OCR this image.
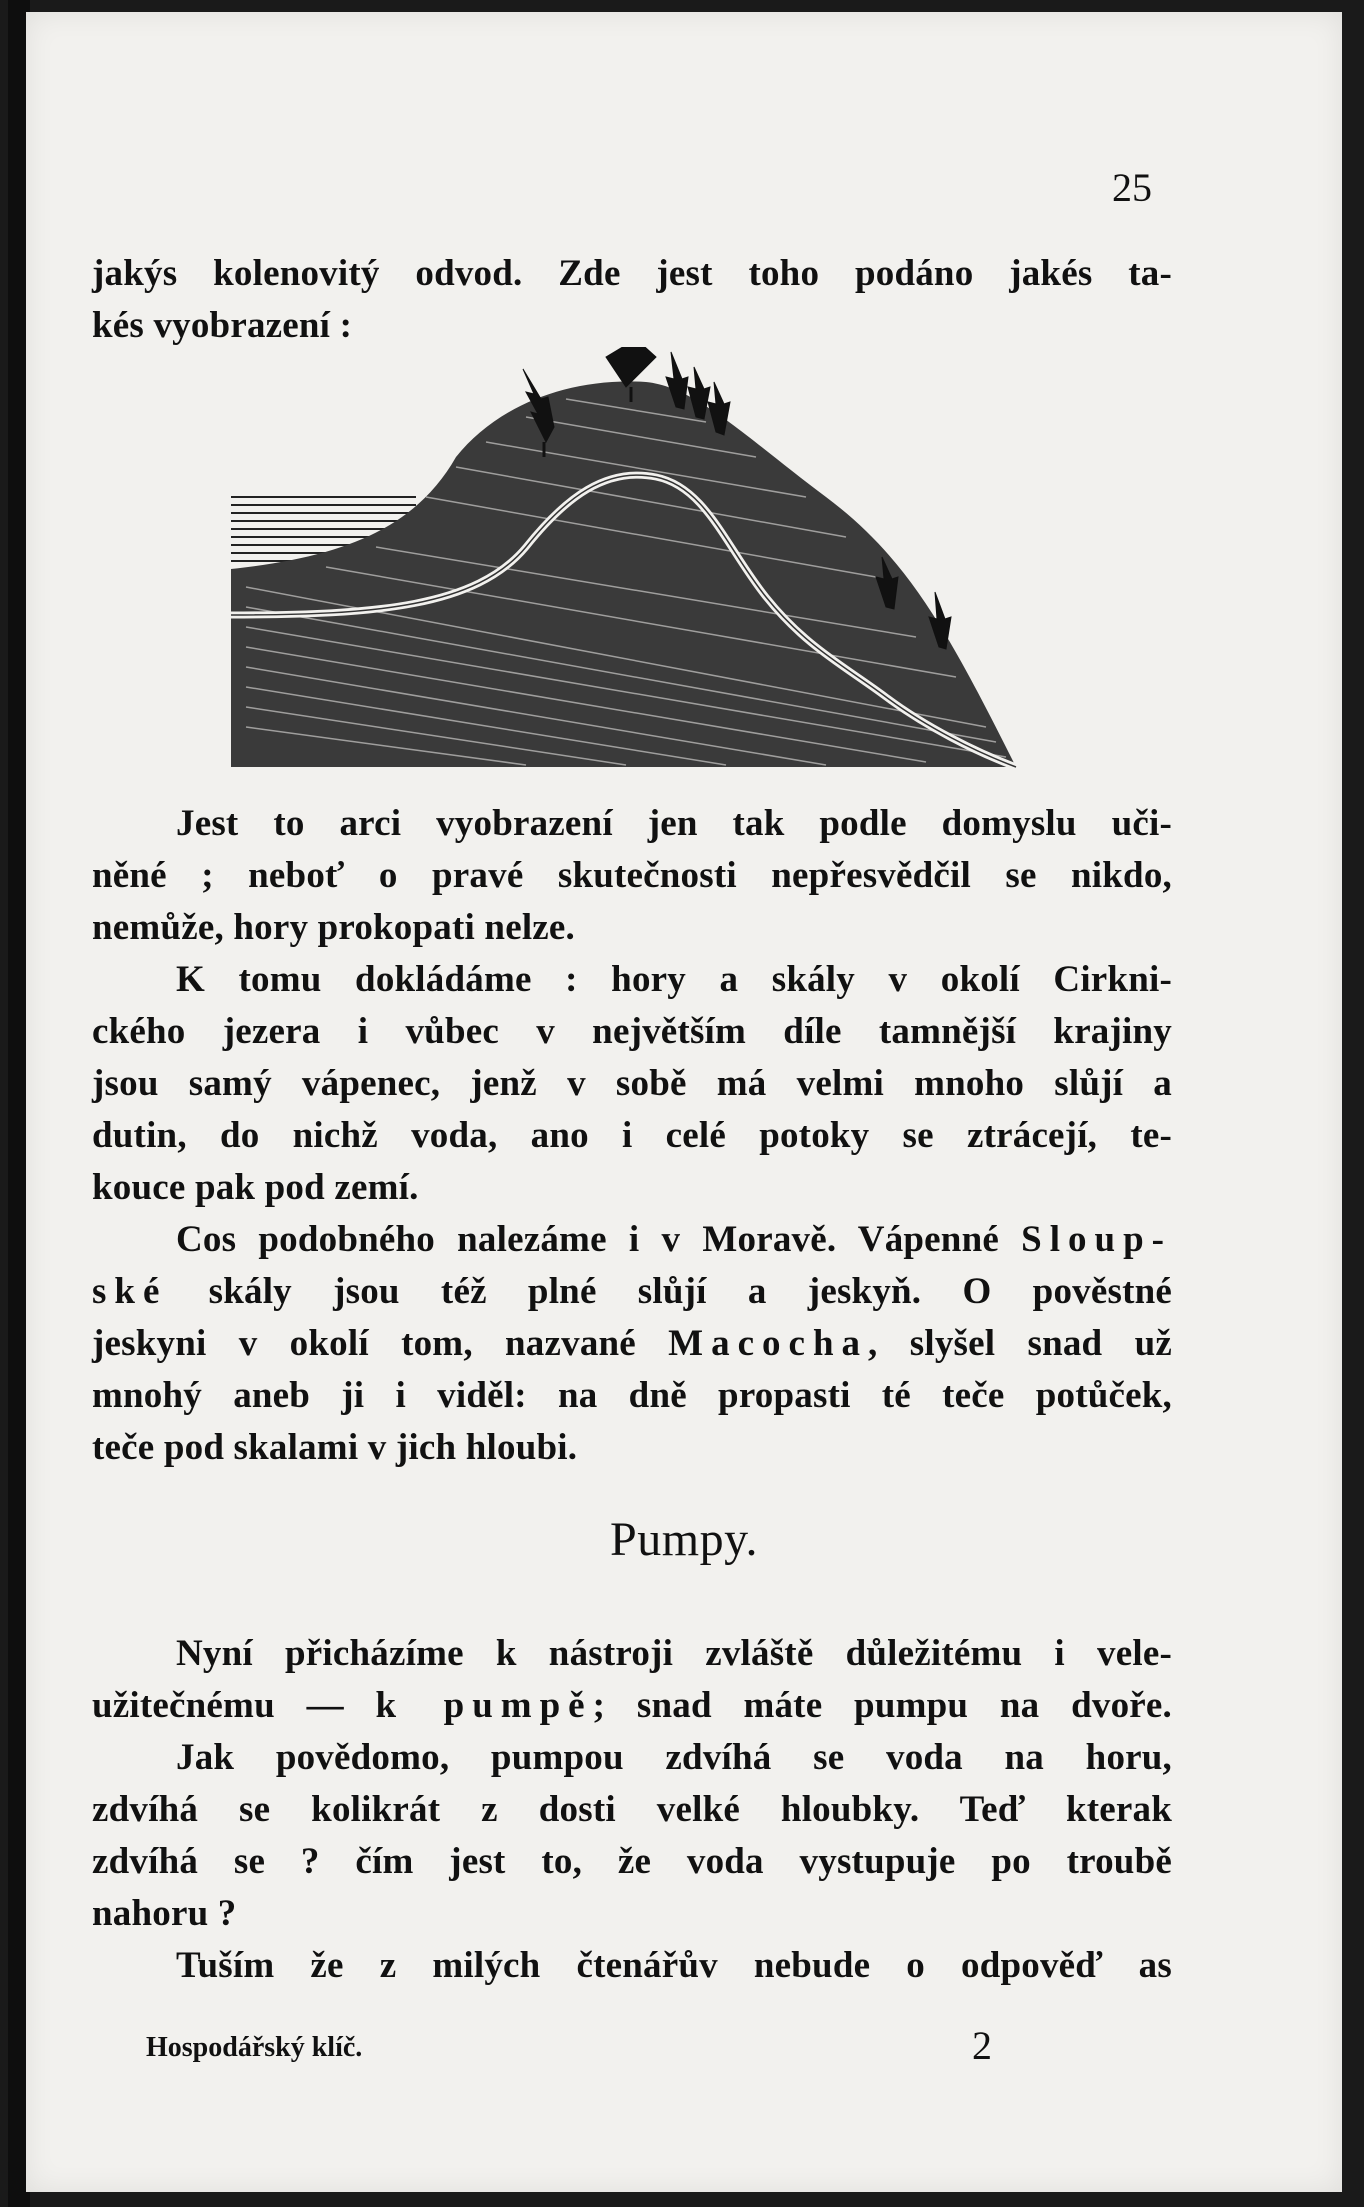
25
jakýs kolenovitý odvod. Zde jest toho podáno jakés ta-
kés vyobrazení :
Jest to arci vyobrazení jen tak podle domyslu uči-
něné ; neboť o pravé skutečnosti nepřesvědčil se nikdo,
nemůže, hory prokopati nelze.
K tomu dokládáme : hory a skály v okolí Cirkni-
ckého jezera i vůbec v největším díle tamnější krajiny
jsou samý vápenec, jenž v sobě má velmi mnoho slůjí a
dutin, do nichž voda, ano i celé potoky se ztrácejí, te-
kouce pak pod zemí.
Cos podobného nalezáme i v Moravě. Vápenné Sloup-
ské skály jsou též plné slůjí a jeskyň. O pověstné
jeskyni v okolí tom, nazvané Macocha, slyšel snad už
mnohý aneb ji i viděl: na dně propasti té teče potůček,
teče pod skalami v jich hloubi.
Pumpy.
Nyní přicházíme k nástroji zvláště důležitému i vele-
užitečnému — k pumpě; snad máte pumpu na dvoře.
Jak povědomo, pumpou zdvíhá se voda na horu,
zdvíhá se kolikrát z dosti velké hloubky. Teď kterak
zdvíhá se ? čím jest to, že voda vystupuje po troubě
nahoru ?
Tuším že z milých čtenářův nebude o odpověď as
Hospodářský klíč.	2
